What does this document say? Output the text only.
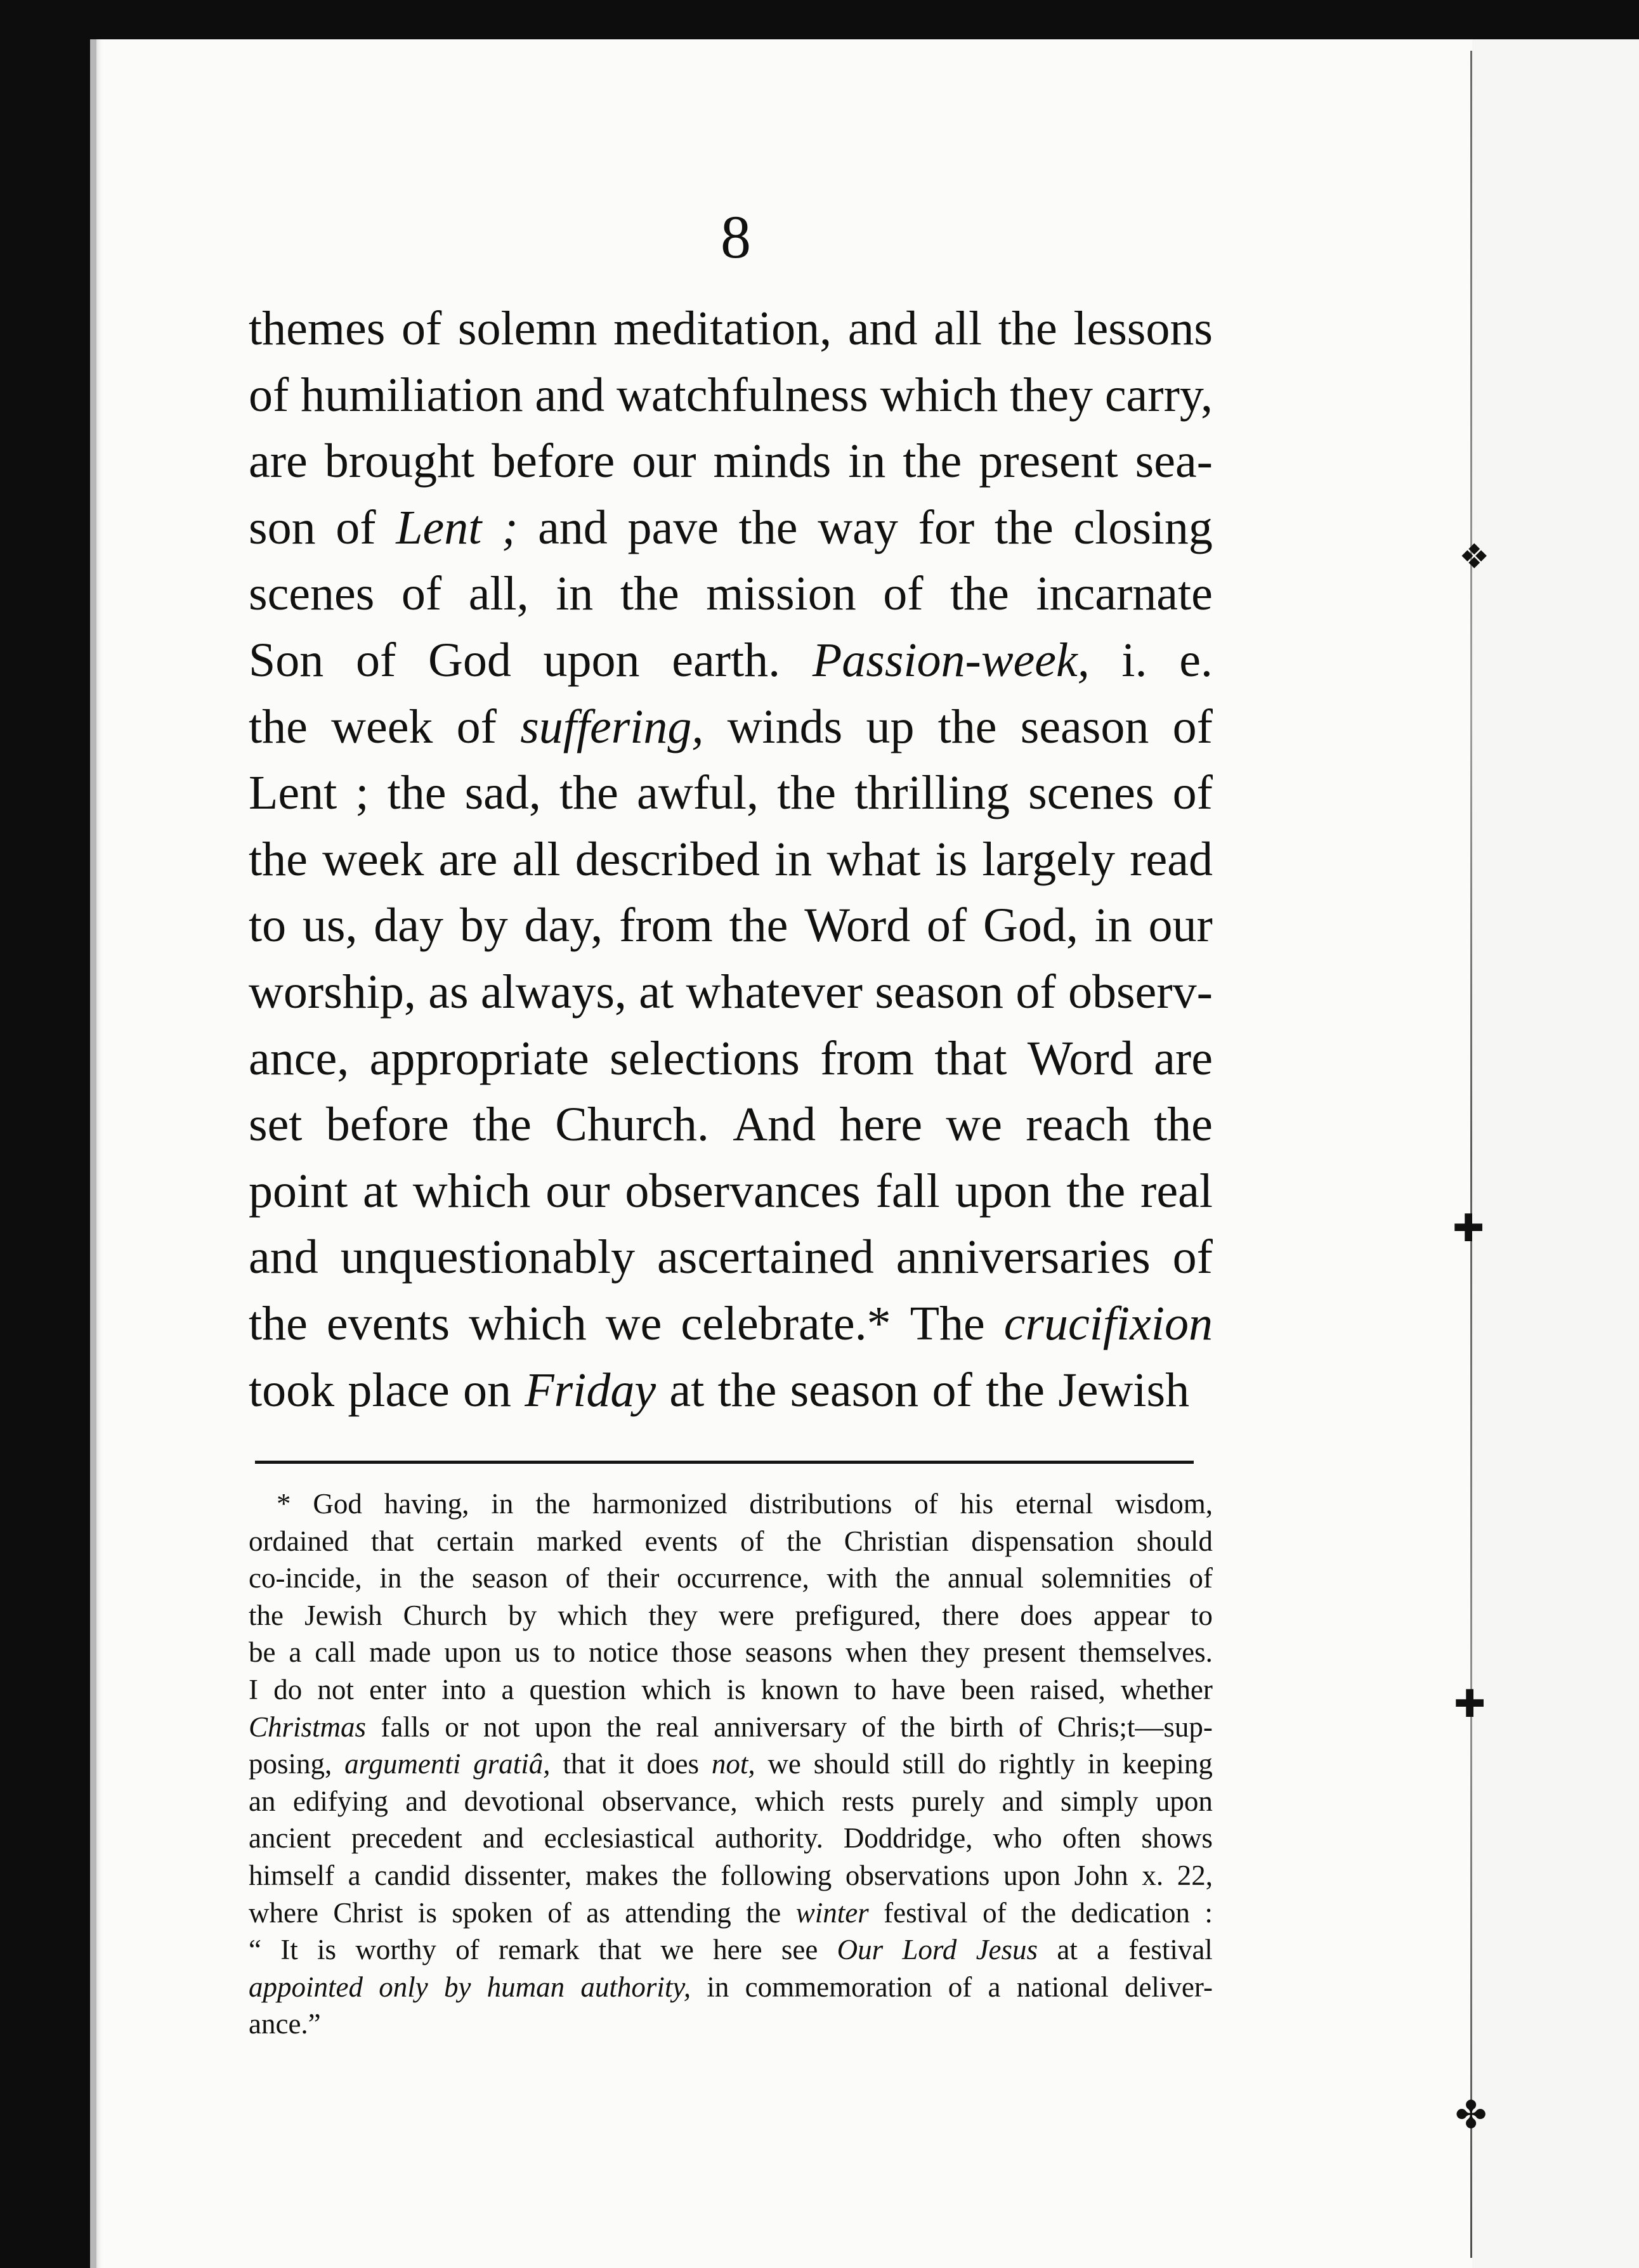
❖
✚
✚
✤
8
themes of solemn meditation, and all the lessons
of humiliation and watchfulness which they carry,
are brought before our minds in the present sea-
son of Lent ; and pave the way for the closing
scenes of all, in the mission of the incarnate
Son of God upon earth. Passion-week, i. e.
the week of suffering, winds up the season of
Lent ; the sad, the awful, the thrilling scenes of
the week are all described in what is largely read
to us, day by day, from the Word of God, in our
worship, as always, at whatever season of observ-
ance, appropriate selections from that Word are
set before the Church. And here we reach the
point at which our observances fall upon the real
and unquestionably ascertained anniversaries of
the events which we celebrate.* The crucifixion
took place on Friday at the season of the Jewish
* God having, in the harmonized distributions of his eternal wisdom,
ordained that certain marked events of the Christian dispensation should
co-incide, in the season of their occurrence, with the annual solemnities of
the Jewish Church by which they were prefigured, there does appear to
be a call made upon us to notice those seasons when they present themselves.
I do not enter into a question which is known to have been raised, whether
Christmas falls or not upon the real anniversary of the birth of Chris;t—sup-
posing, argumenti gratiâ, that it does not, we should still do rightly in keeping
an edifying and devotional observance, which rests purely and simply upon
ancient precedent and ecclesiastical authority. Doddridge, who often shows
himself a candid dissenter, makes the following observations upon John x. 22,
where Christ is spoken of as attending the winter festival of the dedication :
“ It is worthy of remark that we here see Our Lord Jesus at a festival
appointed only by human authority, in commemoration of a national deliver-
ance.”
